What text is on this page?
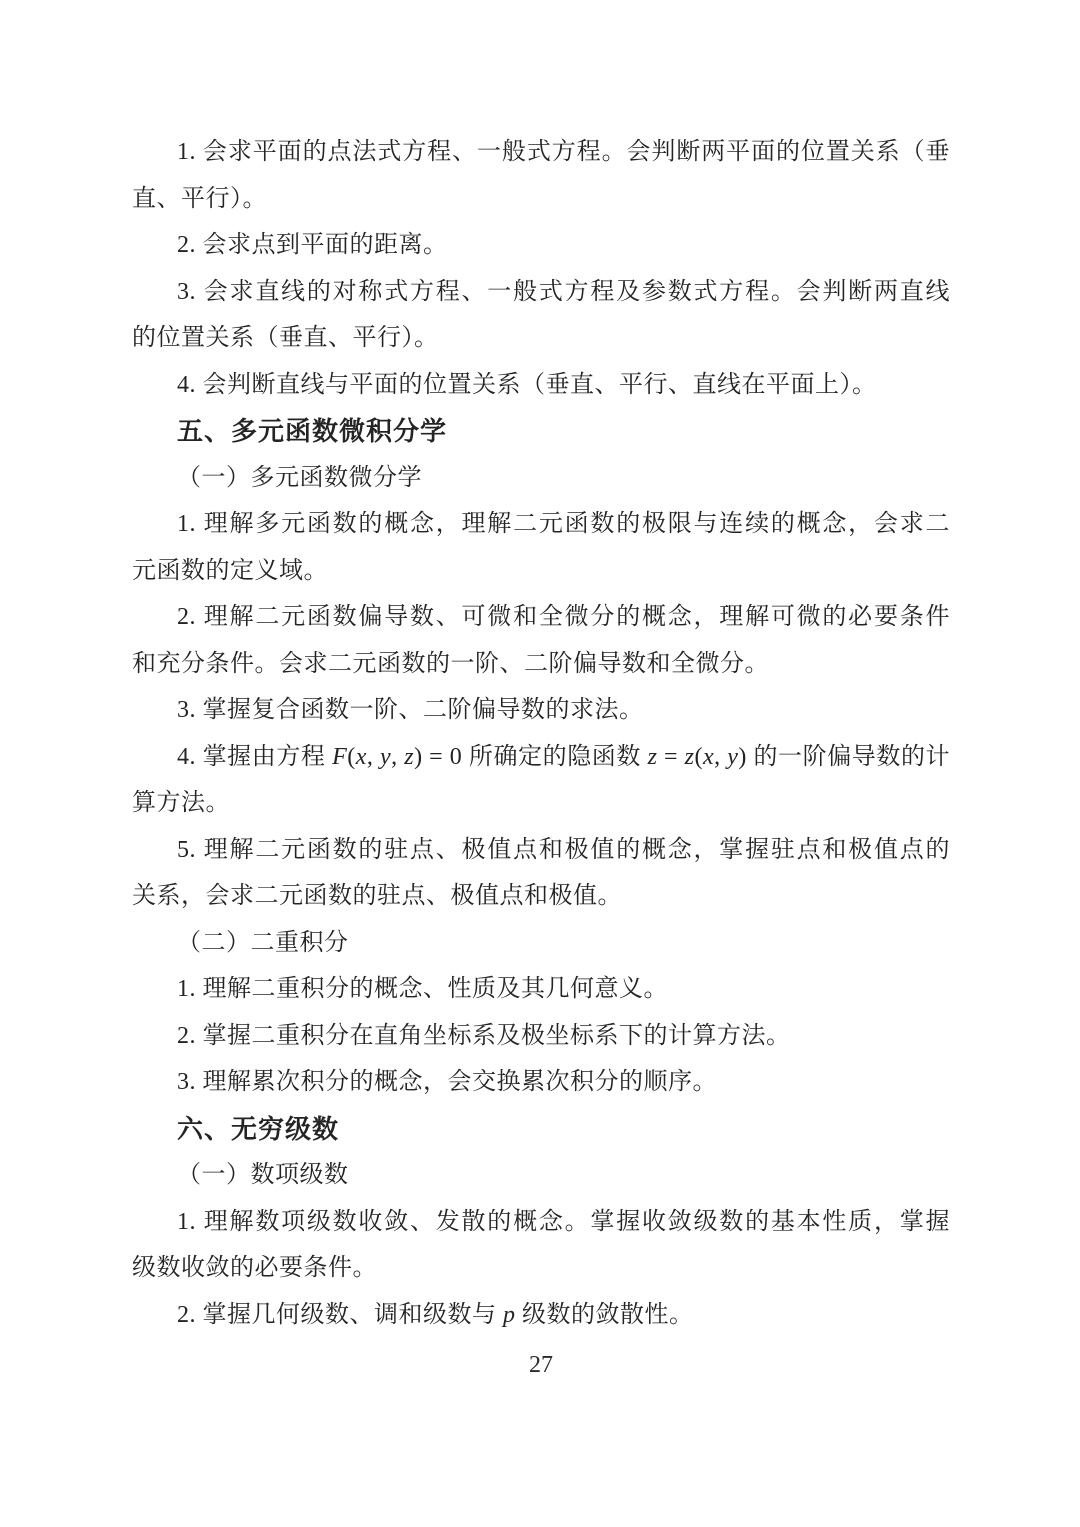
1. 会求平面的点法式方程、一般式方程。会判断两平面的位置关系（垂
直、平行）。
2. 会求点到平面的距离。
3. 会求直线的对称式方程、一般式方程及参数式方程。会判断两直线
的位置关系（垂直、平行）。
4. 会判断直线与平面的位置关系（垂直、平行、直线在平面上）。
五、多元函数微积分学
（一）多元函数微分学
1. 理解多元函数的概念，理解二元函数的极限与连续的概念，会求二
元函数的定义域。
2. 理解二元函数偏导数、可微和全微分的概念，理解可微的必要条件
和充分条件。会求二元函数的一阶、二阶偏导数和全微分。
3. 掌握复合函数一阶、二阶偏导数的求法。
4. 掌握由方程 F(x, y, z) = 0 所确定的隐函数 z = z(x, y) 的一阶偏导数的计
算方法。
5. 理解二元函数的驻点、极值点和极值的概念，掌握驻点和极值点的
关系，会求二元函数的驻点、极值点和极值。
（二）二重积分
1. 理解二重积分的概念、性质及其几何意义。
2. 掌握二重积分在直角坐标系及极坐标系下的计算方法。
3. 理解累次积分的概念，会交换累次积分的顺序。
六、无穷级数
（一）数项级数
1. 理解数项级数收敛、发散的概念。掌握收敛级数的基本性质，掌握
级数收敛的必要条件。
2. 掌握几何级数、调和级数与 p 级数的敛散性。
27
